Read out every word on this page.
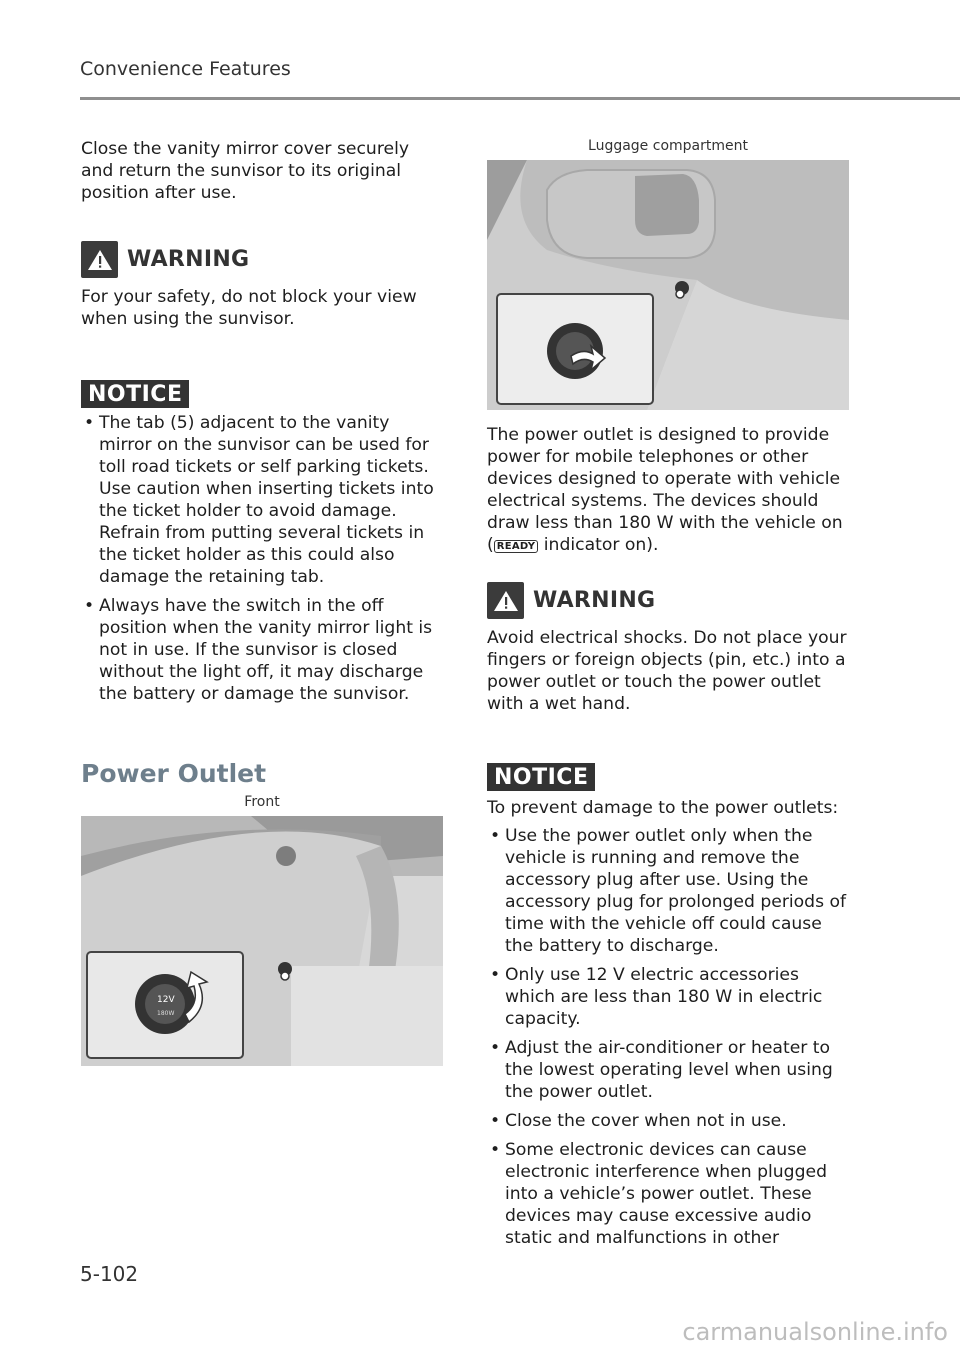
Convenience Features

Close the vanity mirror cover securely and return the sunvisor to its original position after use.

WARNING

For your safety, do not block your view when using the sunvisor.

NOTICE
• The tab (5) adjacent to the vanity mirror on the sunvisor can be used for toll road tickets or self parking tickets. Use caution when inserting tickets into the ticket holder to avoid damage. Refrain from putting several tickets in the ticket holder as this could also damage the retaining tab.
• Always have the switch in the off position when the vanity mirror light is not in use. If the sunvisor is closed without the light off, it may discharge the battery or damage the sunvisor.
Power Outlet
Front
12V
180W
Luggage compartment

The power outlet is designed to provide power for mobile telephones or other devices designed to operate with vehicle electrical systems. The devices should draw less than 180 W with the vehicle on ( READY indicator on).

WARNING

Avoid electrical shocks. Do not place your fingers or foreign objects (pin, etc.) into a power outlet or touch the power outlet with a wet hand.

NOTICE

To prevent damage to the power outlets:

• Use the power outlet only when the vehicle is running and remove the accessory plug after use. Using the accessory plug for prolonged periods of time with the vehicle off could cause the battery to discharge.
• Only use 12 V electric accessories which are less than 180 W in electric capacity.
• Adjust the air-conditioner or heater to the lowest operating level when using the power outlet.
• Close the cover when not in use.
• Some electronic devices can cause electronic interference when plugged into a vehicle’s power outlet. These devices may cause excessive audio static and malfunctions in other
5-102
carmanualsonline.info
